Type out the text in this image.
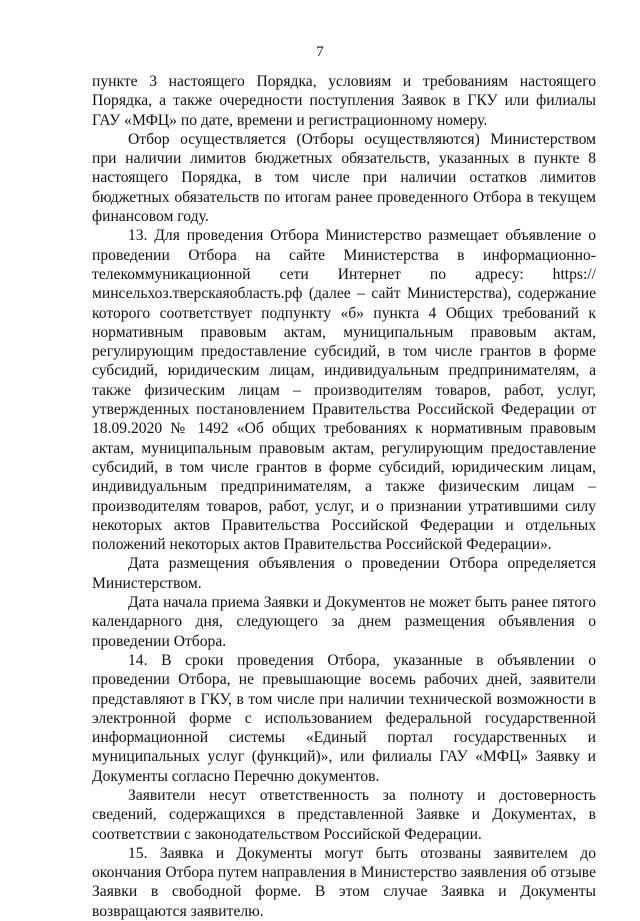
7

пункте 3 настоящего Порядка, условиям и требованиям настоящего Порядка, а также очередности поступления Заявок в ГКУ или филиалы ГАУ «МФЦ» по дате, времени и регистрационному номеру.

Отбор осуществляется (Отборы осуществляются) Министерством при наличии лимитов бюджетных обязательств, указанных в пункте 8 настоящего Порядка, в том числе при наличии остатков лимитов бюджетных обязательств по итогам ранее проведенного Отбора в текущем финансовом году.

13. Для проведения Отбора Министерство размещает объявление о проведении Отбора на сайте Министерства в информационно-телекоммуникационной сети Интернет по адресу: https://минсельхоз.тверскаяобласть.рф (далее – сайт Министерства), содержание которого соответствует подпункту «б» пункта 4 Общих требований к нормативным правовым актам, муниципальным правовым актам, регулирующим предоставление субсидий, в том числе грантов в форме субсидий, юридическим лицам, индивидуальным предпринимателям, а также физическим лицам – производителям товаров, работ, услуг, утвержденных постановлением Правительства Российской Федерации от 18.09.2020 № 1492 «Об общих требованиях к нормативным правовым актам, муниципальным правовым актам, регулирующим предоставление субсидий, в том числе грантов в форме субсидий, юридическим лицам, индивидуальным предпринимателям, а также физическим лицам – производителям товаров, работ, услуг, и о признании утратившими силу некоторых актов Правительства Российской Федерации и отдельных положений некоторых актов Правительства Российской Федерации».

Дата размещения объявления о проведении Отбора определяется Министерством.

Дата начала приема Заявки и Документов не может быть ранее пятого календарного дня, следующего за днем размещения объявления о проведении Отбора.

14. В сроки проведения Отбора, указанные в объявлении о проведении Отбора, не превышающие восемь рабочих дней, заявители представляют в ГКУ, в том числе при наличии технической возможности в электронной форме с использованием федеральной государственной информационной системы «Единый портал государственных и муниципальных услуг (функций)», или филиалы ГАУ «МФЦ» Заявку и Документы согласно Перечню документов.

Заявители несут ответственность за полноту и достоверность сведений, содержащихся в представленной Заявке и Документах, в соответствии с законодательством Российской Федерации.

15. Заявка и Документы могут быть отозваны заявителем до окончания Отбора путем направления в Министерство заявления об отзыве Заявки в свободной форме. В этом случае Заявка и Документы возвращаются заявителю.
